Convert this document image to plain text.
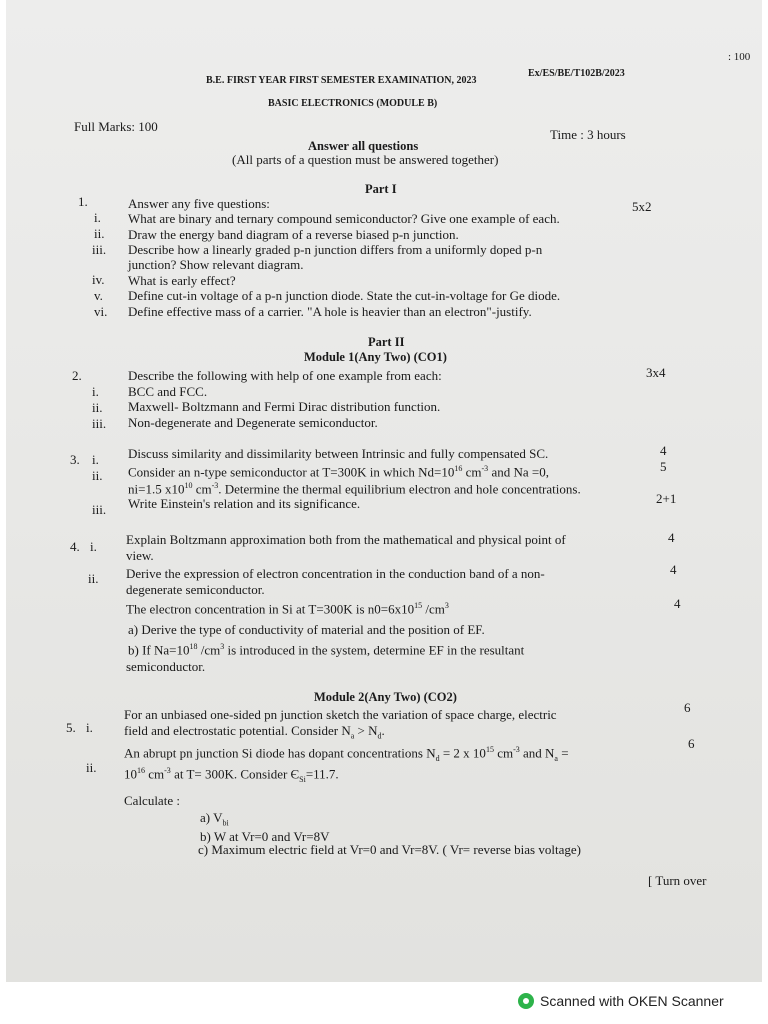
: 100
Ex/ES/BE/T102B/2023
B.E. FIRST YEAR FIRST SEMESTER EXAMINATION, 2023
BASIC ELECTRONICS (MODULE B)
Full Marks: 100
Time : 3 hours
Answer all questions
(All parts of a question must be answered together)
Part I
1.	Answer any five questions:	5x2
i. What are binary and ternary compound semiconductor? Give one example of each.
ii. Draw the energy band diagram of a reverse biased p-n junction.
iii. Describe how a linearly graded p-n junction differs from a uniformly doped p-n
junction? Show relevant diagram.
iv. What is early effect?
v. Define cut-in voltage of a p-n junction diode. State the cut-in-voltage for Ge diode.
vi. Define effective mass of a carrier. "A hole is heavier than an electron"-justify.
Part II
Module 1(Any Two) (CO1)
2.	Describe the following with help of one example from each:	3x4
i. BCC and FCC.
ii. Maxwell- Boltzmann and Fermi Dirac distribution function.
iii. Non-degenerate and Degenerate semiconductor.
3. i. Discuss similarity and dissimilarity between Intrinsic and fully compensated SC.	4
ii. Consider an n-type semiconductor at T=300K in which $Nd=10^{16}$ $cm^{-3}$ and Na =0,	5
ni=1.5 $x10^{10}$ $cm^{-3}$. Determine the thermal equilibrium electron and hole concentrations.
iii. Write Einstein's relation and its significance.	2+1
4. i. Explain Boltzmann approximation both from the mathematical and physical point of
view.
4
ii. Derive the expression of electron concentration in the conduction band of a non-
degenerate semiconductor.
4
The electron concentration in Si at T=300K is $n0=6x10^{15}$ $/cm^3$	4
a) Derive the type of conductivity of material and the position of EF.
b) If $Na=10^{18}$ $/cm^3$ is introduced in the system, determine EF in the resultant
semiconductor.
Module 2(Any Two) (CO2)
5. i.
For an unbiased one-sided pn junction sketch the variation of space charge, electric
field and electrostatic potential. Consider $N_a > N_d$.
6
ii.
An abrupt pn junction Si diode has dopant concentrations $N_d = 2$ x $10^{15}$ $cm^{-3}$ and $N_a$ =
6
$10^{16}$ $cm^{-3}$ at T= 300K. Consider $Є_{Si}=11.7$.
Calculate :
a) $V_{bi}$
b) W at Vr=0 and Vr=8V
c) Maximum electric field at Vr=0 and Vr=8V. ( Vr= reverse bias voltage)
[ Turn over
Scanned with OKEN Scanner
